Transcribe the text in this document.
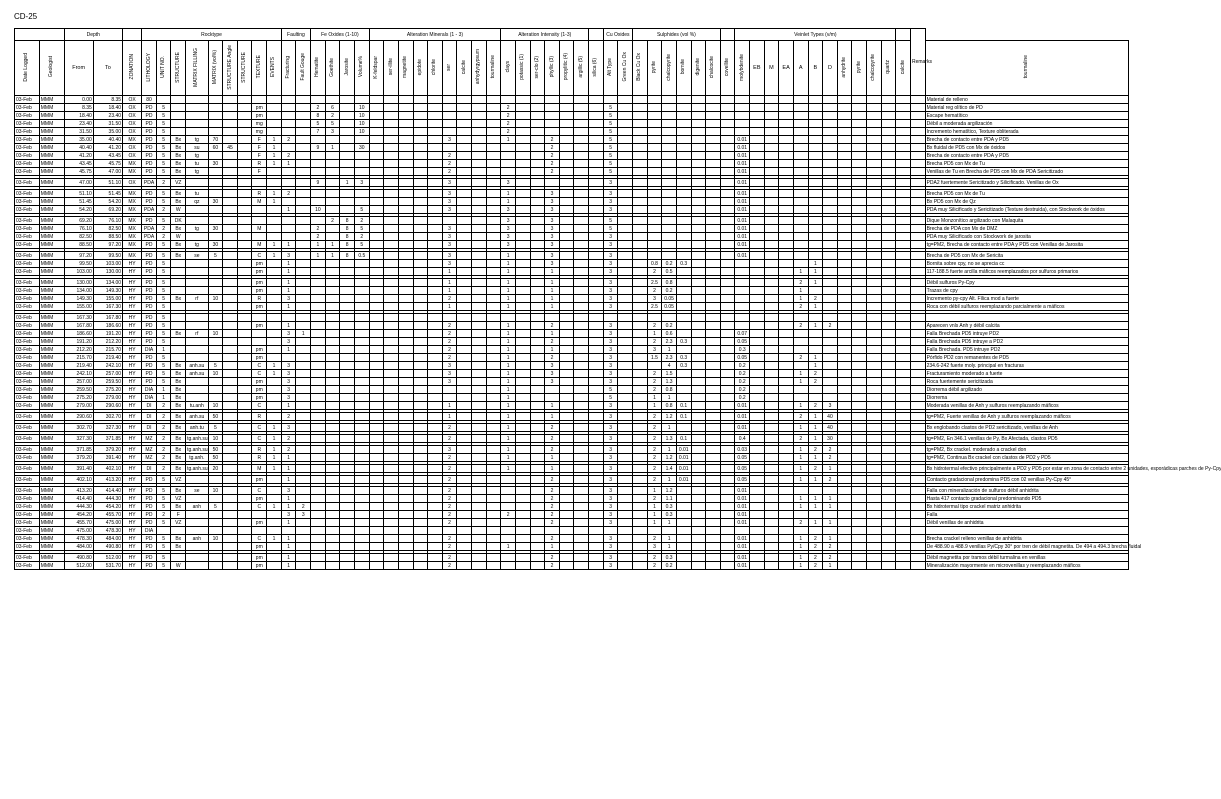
CD-25
		Depth			Rocktype									Faulting		Fe Oxides (1-10)				Alteration Minerals (1 - 3)									Alteration Intensity (1-3)							Cu Oxides		Sulphides (vol %)							Veinlet Types (v/m)												Remarks	
Date Logged	Geologist	From	To	ZONATION	LITHOLOGY	UNIT NO.	STRUCTURE	MATRIX FILLING	MATRIX (vol%)	STRUCTURE Angle	STRUCTURE	TEXTURE	EVENTS	Fracturing	Fault Gouge	Hematite	Goethite	Jarosite	Volume%	K-feldspar	ser-illite	magnetite	epidote	chlorite	ser	calcite	anhydyrgypsum	tourmaline	clays	potassic (1)	ser-clo (2)	phyllic (3)	propylitic (4)	argillic (5)	silica (6)	Alt Type	Green Cu Ox	Black Cu Ox	pyrite	chalcopyrite	bornite	digenite	chalcocite	covellite	molybdenite	EB	M	EA	A	B	D	anhydrite	pyrite	chalcopyrite	quartz	calcite		tourmaline
03-Feb	MMM	0.00	8.35	OX	80																																																					Material de relleno
03-Feb	MMM	8.35	18.40	OX	PD	5						pm				2	6		10										2							5																						Material reg olítico de PD
03-Feb	MMM	18.40	23.40	OX	PD	5						pm				8	2		10										2							5																						Escape hematítico
03-Feb	MMM	23.40	31.50	OX	PD	5						mg				5	5		10										2							5																						Débil a moderada argilización
03-Feb	MMM	31.50	35.00	OX	PD	5						mg				7	3		10										2							5																						Incremento hematítico, Texture obliterada
03-Feb	MMM	35.00	40.40	MX	PD	5	Bx	tg	70			F	1	2											3				1			2				5									0.01													Brecha de contacto entre PDA y PD5
03-Feb	MMM	40.40	41.20	OX	PD	5	Bx	su	60	45		F	1			9	1		30													2				5									0.01													Bx fluidal de PD5 con Mx de óxidos
03-Feb	MMM	41.20	43.45	OX	PD	5	Bx	tg				F	1	2											2							2				5									0.01													Brecha de contacto entre PDA y PD5
03-Feb	MMM	43.45	45.75	MX	PD	5	Bx	tu	30			R	1	1											2							2				5									0.01													Brecha PD5 con Mx de Tu
03-Feb	MMM	45.75	47.00	MX	PD	5	Bx	tg				F													2							2				5									0.01													Venillas de Tu en Brecha de PD5 con Mx de PDA Sericitizado

03-Feb	MMM	47.00	51.10	OX	PDA	2	VZ									9		1	3						3				3							3									0.01													PDA2 fuertemente Sericitizado y Silicificado. Venillas de Ox

03-Feb	MMM	51.10	51.45	MX	PD	5	Bx	tu				R	1	2											3				1			3				3									0.01													Brecha PD5 con Mx de Tu
03-Feb	MMM	51.45	54.20	MX	PD	5	Bx	qz	30			M	1												3				1			3				3									0.01													Bx PD5 con Mx de Qz
03-Feb	MMM	54.20	69.20	MX	PDA	2	W							1		10			5						3				3			3				3									0.01													PDA muy Silicificado y Sericitizado (Texture destruida), con Stockwork de óxidos

03-Feb	MMM	69.20	76.10	MX	PD	5	DK										2	8	2										3			3				5									0.01													Dique Monzonítico argilizado con Malaquita
03-Feb	MMM	76.10	82.50	MX	PDA	2	Bx	tg	30			M				2		8	5						3				3			3				5									0.01													Brecha de PDA con Mx de DMZ
03-Feb	MMM	82.50	88.50	MX	PDA	2	W									2		8	2						3				3			3				3									0.01													PDA muy Silicificado con Stockwork de jarosita
03-Feb	MMM	88.50	97.20	MX	PD	5	Bx	tg	30			M	1	1		1	1	8	5						3				3			3				3									0.01													tg=PM2, Brecha de contacto entre PDA y PD5 con Venillas de Jarosita

03-Feb	MMM	97.20	99.50	MX	PD	5	Bx	se	5			C	1	3		1	1	8	0.5						3				1			3				3									0.01													Brecha de PD5 con Mx de Sericita
03-Feb	MMM	99.50	103.00	HY	PD	5						pm		1											3				1			3				3			0.8	0.2	0.3									1								Bornita sobre cpy, no se aprecia cc
03-Feb	MMM	103.00	130.00	HY	PD	5						pm		1											1				1			1				3			2	0.5									1	1								117-188.5 fuerte arcilla máficos reemplazados por sulfuros primarios

03-Feb	MMM	130.00	134.00	HY	PD	5						pm		1											1				1			1				3			2.5	0.8									2	1								Débil sulfuros Py-Cpy
03-Feb	MMM	134.00	149.30	HY	PD	5						pm		1											1				1			1				3			2	0.2									1									Trazas de cpy
03-Feb	MMM	149.30	155.00	HY	PD	5	Bx	rf	10			R		3											2				1			1				3			3	0.05									1	2								Incremento py-cpy Alt. Fílica mod a fuerte
03-Feb	MMM	155.00	167.30	HY	PD	5						pm		1											1				1			1				3			2.5	0.05									2	1								Roca con débil sulfuros reemplazando parcialmente a máficos

03-Feb	MMM	167.30	167.80	HY	PD	5																																																				
03-Feb	MMM	167.80	186.60	HY	PD	5						pm		1											2				1			2				3			2	0.2									2	1	2							Aparecen vnls Anh y débil calcita
03-Feb	MMM	186.60	191.20	HY	PD	5	Bx	rf	10					3	1										2				1			1				3			1	0.6					0.07													Falla Brechada PD5 intruye PD2
03-Feb	MMM	191.20	212.20	HY	PD	5								3											2				1			2				3			2	2.3	0.3				0.05													Falla Brechada PD5 intruye a PD2
03-Feb	MMM	212.20	215.70	HY	DIA	1						pm		1											2				1			1				3			3	1					0.3													Falla Brechada. PD5 intruye PD2
03-Feb	MMM	215.70	219.40	HY	PD	5						pm													2				1			2				3			1.5	2.3	0.3				0.05				2	1								Pórfido PD2 con remanentes de PD5
03-Feb	MMM	219.40	242.10	HY	PD	5	Bx	anh.su	5			C	1	3											3				1			3				3				4	0.3				0.2					1								234.6-242 fuerte moly. principal en fracturas
03-Feb	MMM	242.10	257.00	HY	PD	5	Bx	anh.su	10			C	1	3											3				1			3				3			2	1.5					0.2				1	2								Fracturamiento moderado a fuerte
03-Feb	MMM	257.00	259.50	HY	PD	5	Bx					pm		3											3				1			3				3			2	1.3					0.2				1	2								Roca fuertemente sericitizada
03-Feb	MMM	259.50	275.20	HY	DIA	1	Bx					pm		3															1							5			2	0.8					0.2													Diorrema débil argilizado
03-Feb	MMM	275.20	279.00	HY	DIA	1	Bx					pm		3															1							5			1	1					0.2													Diorrema
03-Feb	MMM	279.00	290.60	HY	DI	2	Bx	tu.anh	10			C		1											1				1			1				3			1	0.8	0.1				0.01				1	2	3							Moderada venillas de Anh y sulfuros reemplazando máficos

03-Feb	MMM	290.60	302.70	HY	DI	2	Bx	anh.su	50			R		2											1				1			1				3			2	1.2	0.1				0.01				2	1	40							tg=PM2, Fuerte venillas de Anh y sulfuros reemplazando máficos

03-Feb	MMM	302.70	327.30	HY	DI	2	Bx	anh.tu	5			C	1	3											2				1			2				3			2	1					0.01				1	1	40							Bx englobando clastos de PD2 sericitizado, venillas de Anh

03-Feb	MMM	327.30	371.85	HY	MZ	2	Bx	tg.anh.su	10			C	1	2											2				1			2				3			2	1.3	0.1				0.4				2	1	30							tg=PM2, En 346.1 venillas de Py, Bx Afectada, clastos PD5

03-Feb	MMM	371.85	379.20	HY	MZ	2	Bx	tg.anh.su	50			R	1	2											3				1			2				3			2	1	0.01				0.03				1	2	2							tg=PM2, Bx crackel. moderado a crackel don
03-Feb	MMM	379.20	391.40	HY	MZ	2	Bx	tg.anh.	50			R	1	1											2				1			1				3			2	1.2	0.01				0.05				1	1	2							tg=PM2, Continua Bx crackel con clastos de PD2 y PD5

03-Feb	MMM	391.40	402.10	HY	DI	2	Bx	tg.anh.su	20			M	1	1											2				1			1				3			2	1.4	0.01				0.05				1	2	1							Bx hidrotermal efectivo principalmente a PD2 y PD5 por estar en zona de contacto entre 2 unidades, esporádicas parches de Py-Cpy

03-Feb	MMM	402.10	413.20	HY	PD	5	VZ					pm		1											2							2				3			2	1	0.01				0.05				1	1	2							Contacto gradacional predomina PD5 con 02 venillas Py-Cpy 45°

03-Feb	MMM	413.20	414.40	HY	PD	5	Bx	se	10			C		3											2							2				3			1	1.2					0.01													Falla con mineralización de sulfuros débil anhidrita
03-Feb	MMM	414.40	444.30	HY	PD	5	VZ					pm		1											2							2				3			2	1.1					0.01				1	1	1							Hasta 417 contacto gradacional predominando PD5
03-Feb	MMM	444.30	454.20	HY	PD	5	Bx	anh	5			C	1	1	2										2							2				3			1	0.3					0.01				1	1	1							Bx hidrotermal tipo crackel matriz anhidrita
03-Feb	MMM	454.20	455.70	HY	PD	2	F							3	3										2				2			2				3			1	0.3					0.01													Falla
03-Feb	MMM	455.70	475.00	HY	PD	5	VZ					pm		1											2							2				3			1	1					0.01				2	1	1							Débil venillas de anhidrita
03-Feb	MMM	475.00	478.30	HY	DIA																																																					
03-Feb	MMM	478.30	484.00	HY	PD	5	Bx	anh	10			C	1	1											2							2				3			2	1					0.01				1	2	1							Brecha crackel relleno venillas de anhidrita
03-Feb	MMM	484.00	490.80	HY	PD	5	Bx					pm		1											2				1			1				3			3	1					0.01				1	2	2							De 488.90 a 488.9 venillas Py/Cpy 30° por tren de débil magnetita. De 494 a 494.3 brecha fluidal

03-Feb	MMM	490.80	512.00	HY	PD	5						pm		1											2							2				3			2	0.3					0.01				1	2	2							Débil magnetita por tramos débil turmalina en venillas
03-Feb	MMM	512.00	531.70	HY	PD	5	W					pm		1											2							2				3			2	0.2					0.01				1	2	1							Mineralización mayormente en microvenillas y reemplazando máficos
